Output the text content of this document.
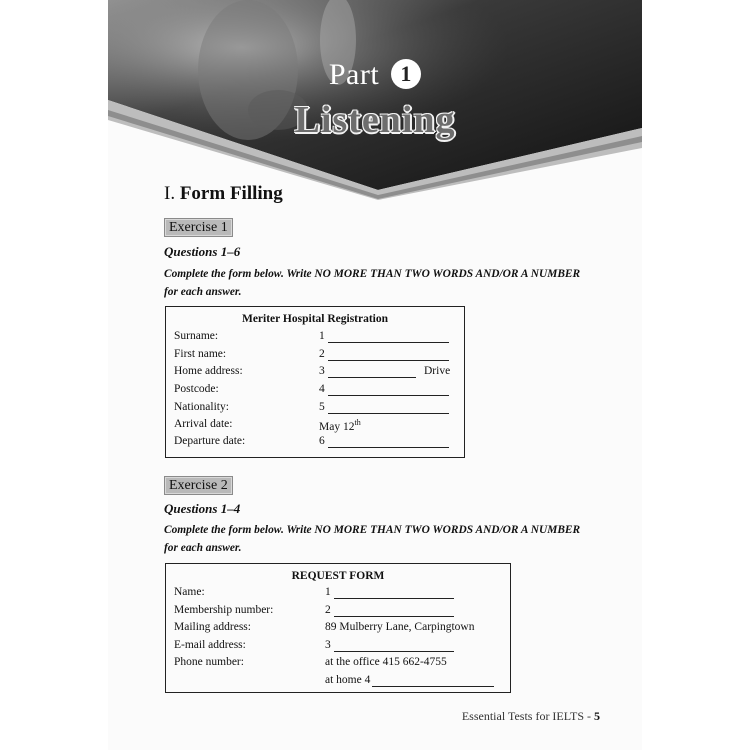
Part 1
Listening
I. Form Filling
Exercise 1
Questions 1–6
Complete the form below. Write NO MORE THAN TWO WORDS AND/OR A NUMBER
for each answer.
Meriter Hospital Registration
Surname:	1
First name:	2
Home address:	3	Drive
Postcode:	4
Nationality:	5
Arrival date:	May 12th
Departure date:	6
Exercise 2
Questions 1–4
Complete the form below. Write NO MORE THAN TWO WORDS AND/OR A NUMBER
for each answer.
REQUEST FORM
Name:	1
Membership number:	2
Mailing address:	89 Mulberry Lane, Carpingtown
E-mail address:	3
Phone number:	at the office 415 662-4755
at home 4
Essential Tests for IELTS - 5
